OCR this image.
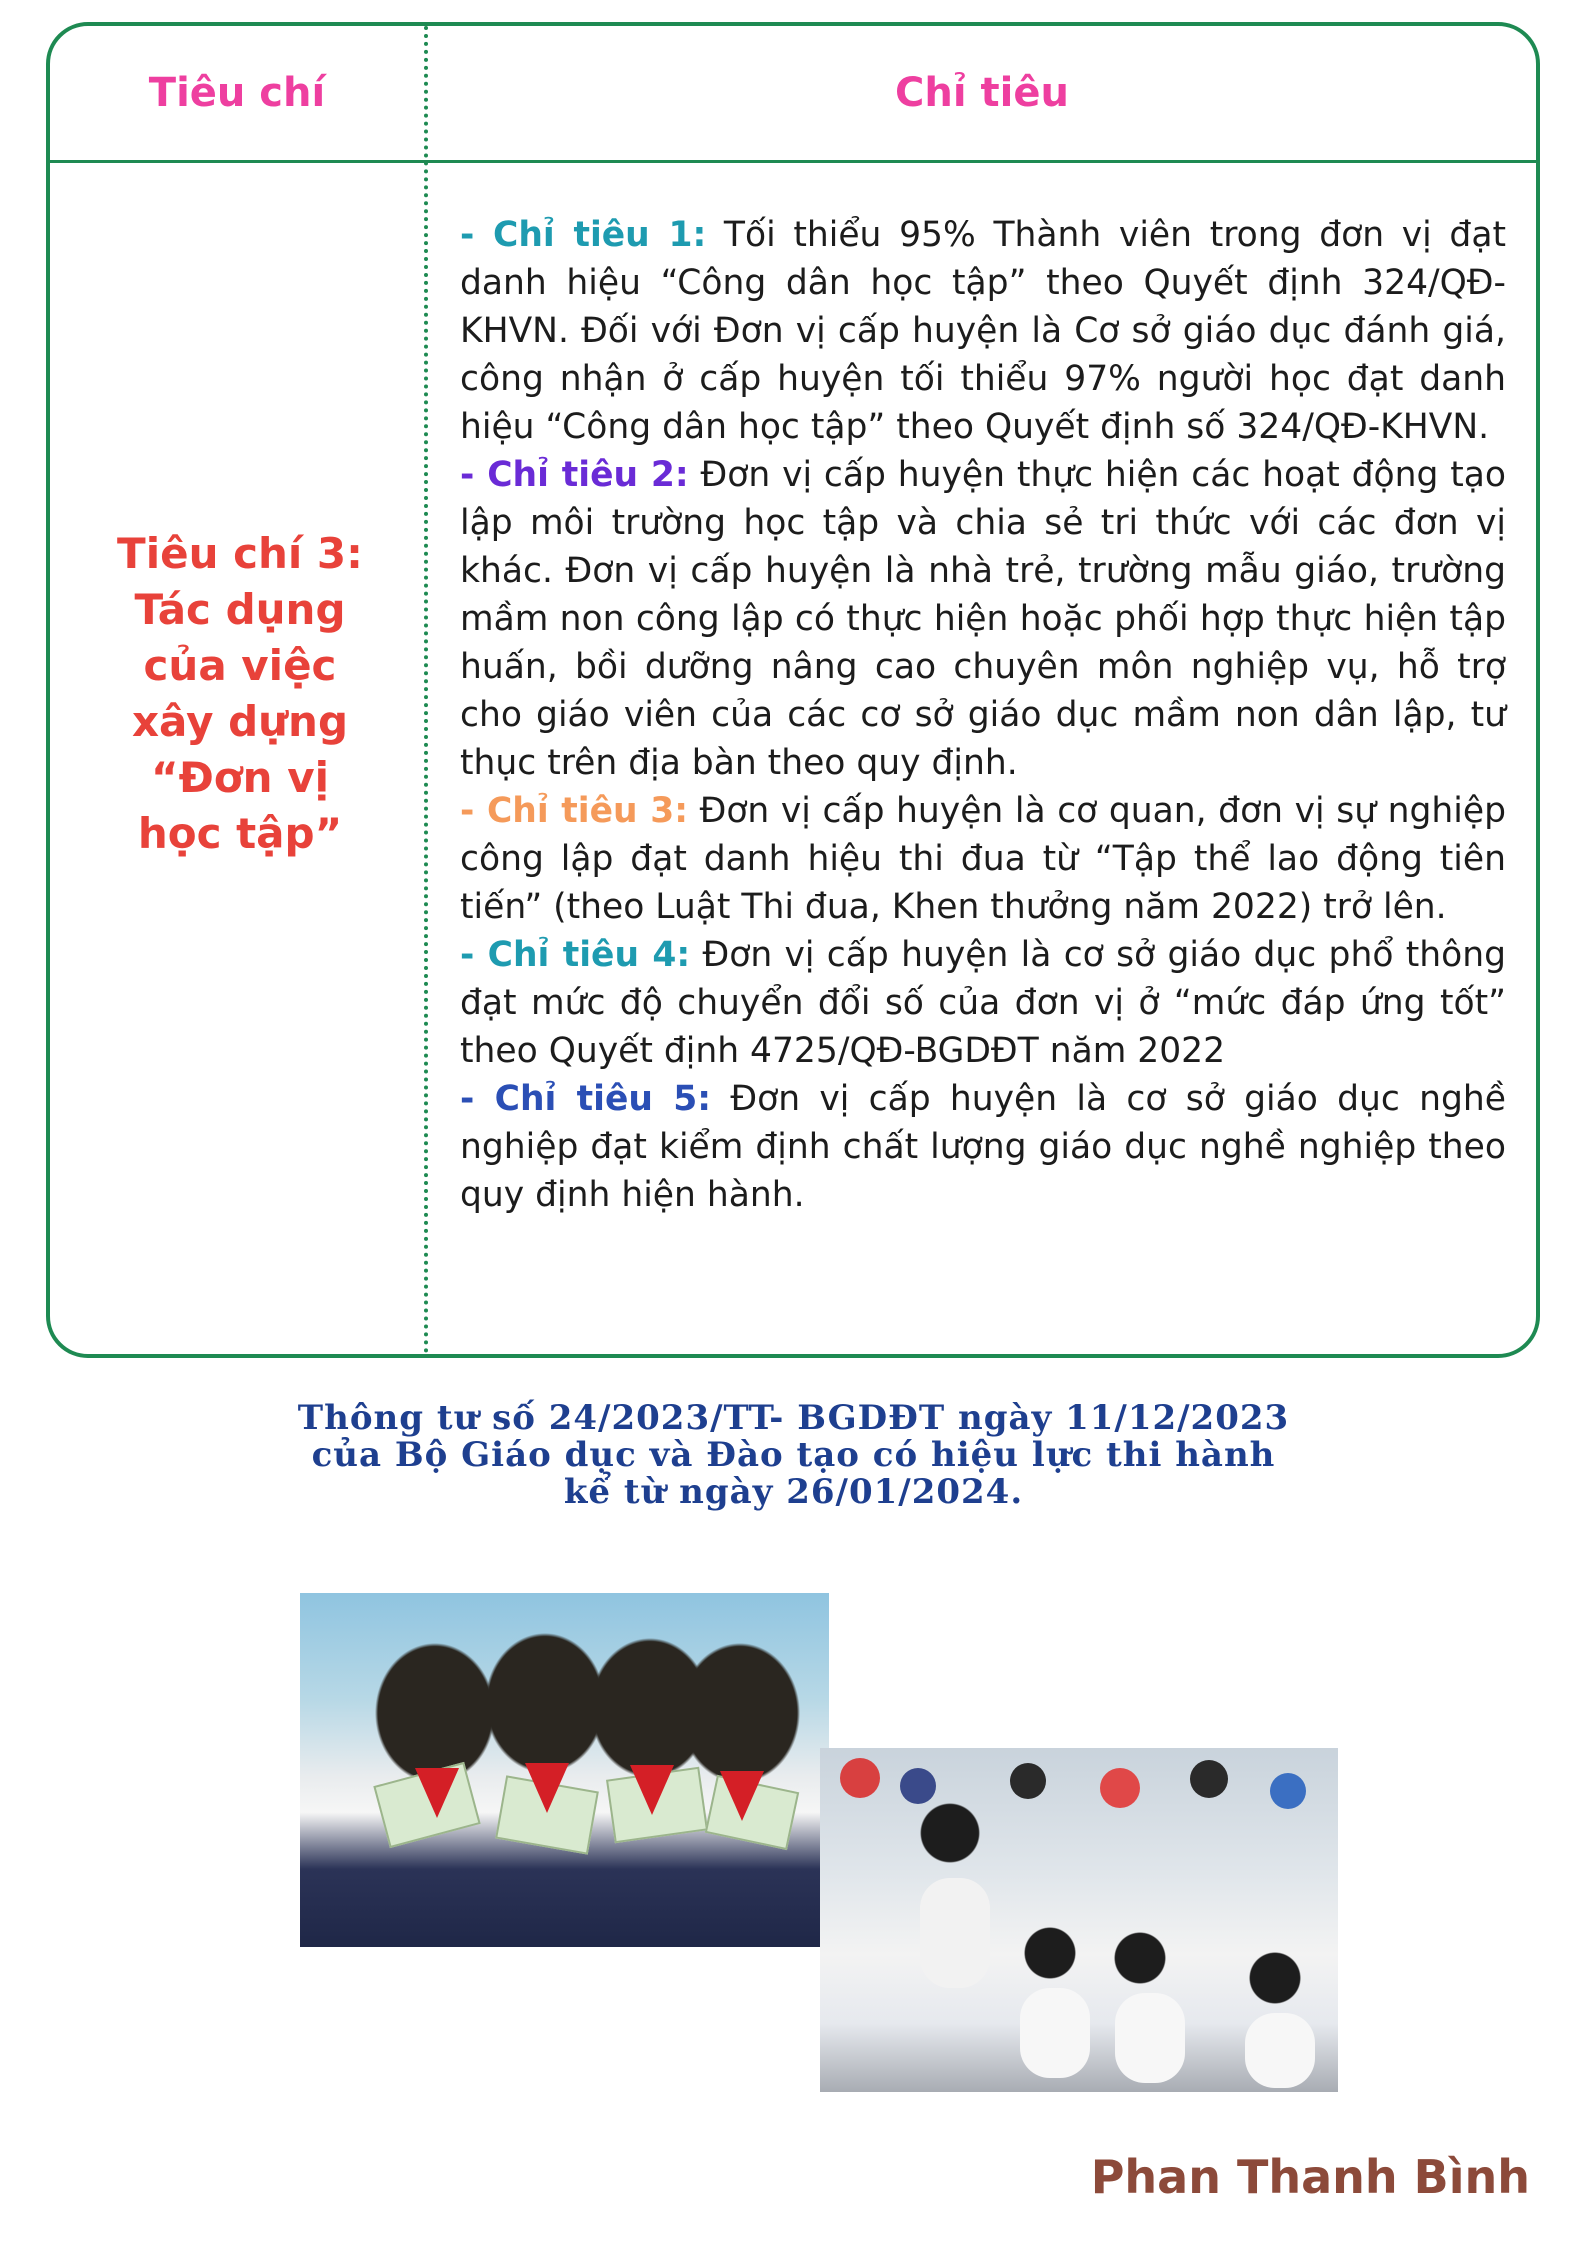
Tiêu chí	Chỉ tiêu
Tiêu chí 3:
Tác dụng
của việc
xây dựng
“Đơn vị
học tập”

- Chỉ tiêu 1: Tối thiểu 95% Thành viên trong đơn vị đạt danh hiệu “Công dân học tập” theo Quyết định 324/QĐ-KHVN. Đối với Đơn vị cấp huyện là Cơ sở giáo dục đánh giá, công nhận ở cấp huyện tối thiểu 97% người học đạt danh hiệu “Công dân học tập” theo Quyết định số 324/QĐ-KHVN.

- Chỉ tiêu 2: Đơn vị cấp huyện thực hiện các hoạt động tạo lập môi trường học tập và chia sẻ tri thức với các đơn vị khác. Đơn vị cấp huyện là nhà trẻ, trường mẫu giáo, trường mầm non công lập có thực hiện hoặc phối hợp thực hiện tập huấn, bồi dưỡng nâng cao chuyên môn nghiệp vụ, hỗ trợ cho giáo viên của các cơ sở giáo dục mầm non dân lập, tư thục trên địa bàn theo quy định.

- Chỉ tiêu 3: Đơn vị cấp huyện là cơ quan, đơn vị sự nghiệp công lập đạt danh hiệu thi đua từ “Tập thể lao động tiên tiến” (theo Luật Thi đua, Khen thưởng năm 2022) trở lên.

- Chỉ tiêu 4: Đơn vị cấp huyện là cơ sở giáo dục phổ thông đạt mức độ chuyển đổi số của đơn vị ở “mức đáp ứng tốt” theo Quyết định 4725/QĐ-BGDĐT năm 2022

- Chỉ tiêu 5: Đơn vị cấp huyện là cơ sở giáo dục nghề nghiệp đạt kiểm định chất lượng giáo dục nghề nghiệp theo quy định hiện hành.

Thông tư số 24/2023/TT- BGDĐT ngày 11/12/2023
của Bộ Giáo dục và Đào tạo có hiệu lực thi hành
kể từ ngày 26/01/2024.
Phan Thanh Bình
